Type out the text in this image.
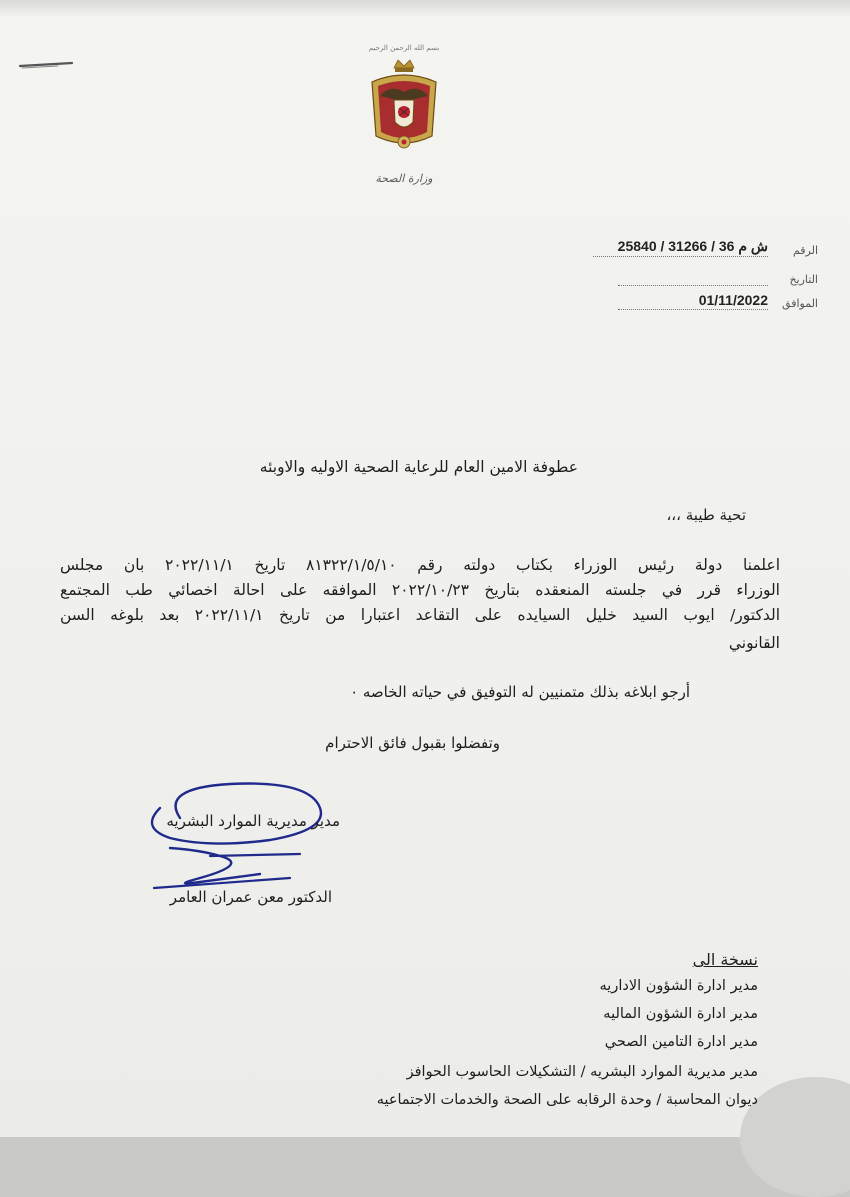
بسم الله الرحمن الرحيم
وزارة الصحة
الرقم
25840 / 31266 / 36 ش م
التاريخ
الموافق
01/11/2022
عطوفة الامين العام للرعاية الصحية الاوليه والاوبئه
تحية طيبة ،،،
اعلمنا دولة رئيس الوزراء بكتاب دولته رقم ٨١٣٢٢/١/٥/١٠ تاريخ ٢٠٢٢/١١/١ بان مجلس
الوزراء قرر في جلسته المنعقده بتاريخ ٢٠٢٢/١٠/٢٣ الموافقه على احالة اخصائي طب المجتمع
الدكتور/ ايوب السيد خليل السيايده على التقاعد اعتبارا من تاريخ ٢٠٢٢/١١/١ بعد بلوغه السن
القانوني
أرجو ابلاغه بذلك متمنيين له التوفيق في حياته الخاصه ٠
وتفضلوا بقبول فائق الاحترام
مدير مديرية الموارد البشريه
الدكتور معن عمران العامر
نسخة الى
مدير ادارة الشؤون الاداريه
مدير ادارة الشؤون الماليه
مدير ادارة التامين الصحي
مدير مديرية الموارد البشريه / التشكيلات الحاسوب الحوافز
ديوان المحاسبة / وحدة الرقابه على الصحة والخدمات الاجتماعيه
